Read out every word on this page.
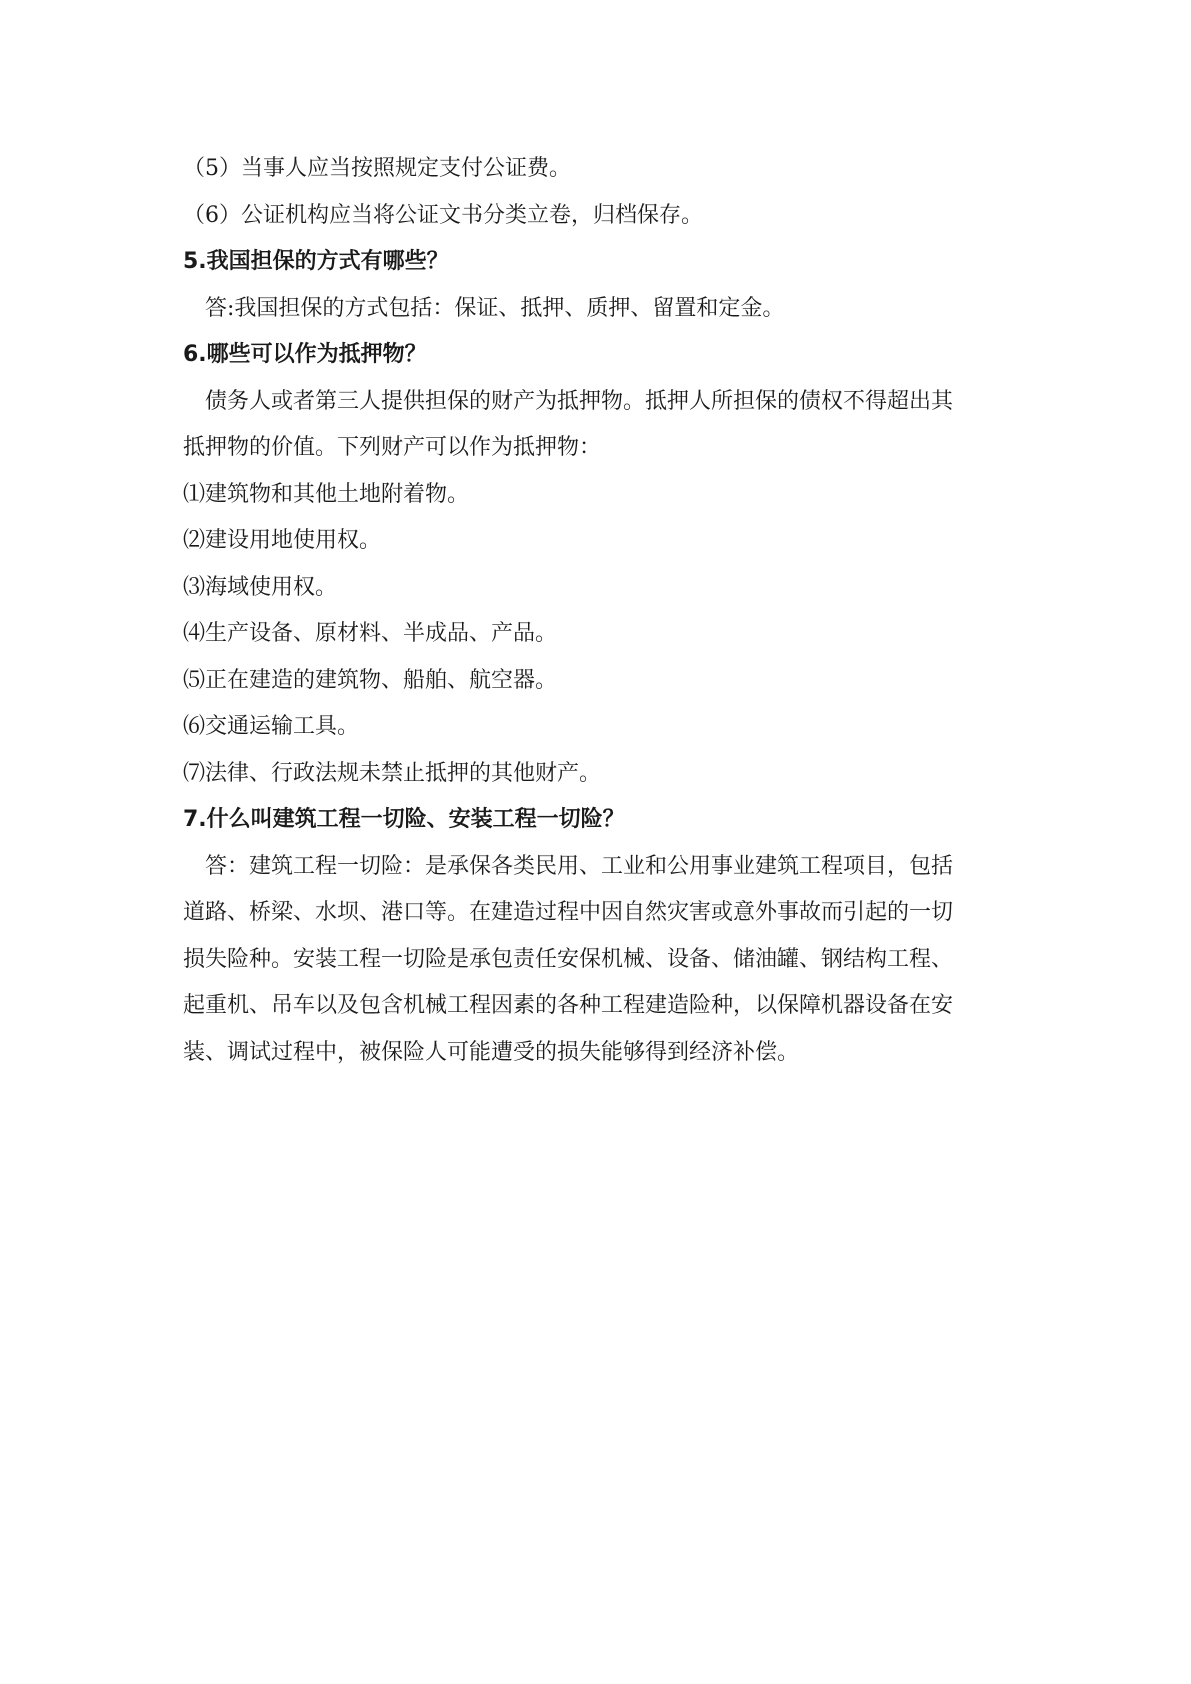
（5）当事人应当按照规定支付公证费。

（6）公证机构应当将公证文书分类立卷，归档保存。

5.我国担保的方式有哪些？

答:我国担保的方式包括：保证、抵押、质押、留置和定金。

6.哪些可以作为抵押物？

债务人或者第三人提供担保的财产为抵押物。抵押人所担保的债权不得超出其

抵押物的价值。下列财产可以作为抵押物：

⑴建筑物和其他土地附着物。

⑵建设用地使用权。

⑶海域使用权。

⑷生产设备、原材料、半成品、产品。

⑸正在建造的建筑物、船舶、航空器。

⑹交通运输工具。

⑺法律、行政法规未禁止抵押的其他财产。

7.什么叫建筑工程一切险、安装工程一切险？

答：建筑工程一切险：是承保各类民用、工业和公用事业建筑工程项目，包括

道路、桥梁、水坝、港口等。在建造过程中因自然灾害或意外事故而引起的一切

损失险种。安装工程一切险是承包责任安保机械、设备、储油罐、钢结构工程、

起重机、吊车以及包含机械工程因素的各种工程建造险种，以保障机器设备在安

装、调试过程中，被保险人可能遭受的损失能够得到经济补偿。
